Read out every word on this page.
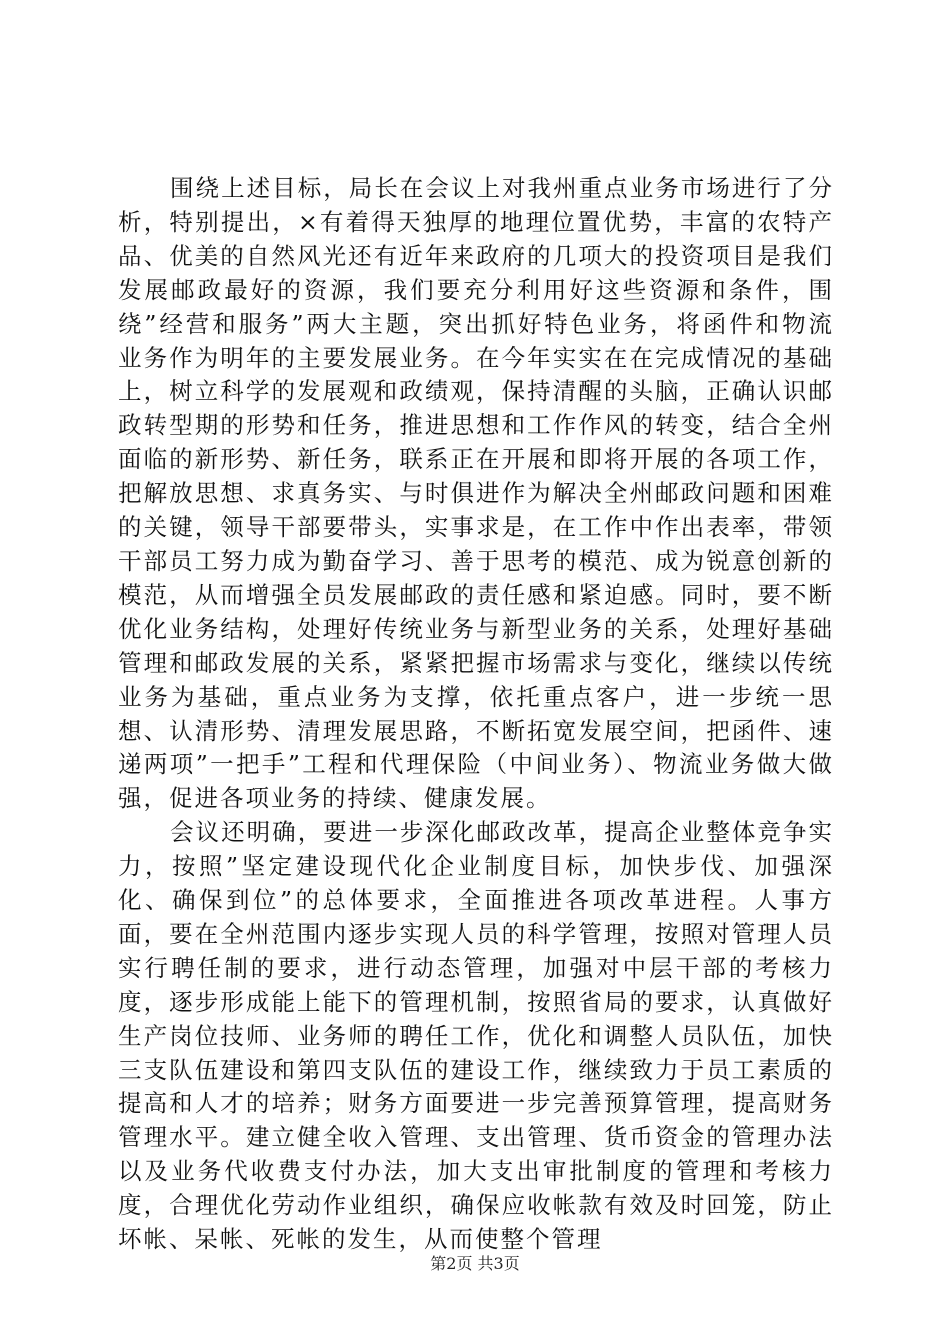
围绕上述目标，局长在会议上对我州重点业务市场进行了分析，特别提出，×有着得天独厚的地理位置优势，丰富的农特产品、优美的自然风光还有近年来政府的几项大的投资项目是我们发展邮政最好的资源，我们要充分利用好这些资源和条件，围绕”经营和服务”两大主题，突出抓好特色业务，将函件和物流业务作为明年的主要发展业务。在今年实实在在完成情况的基础上，树立科学的发展观和政绩观，保持清醒的头脑，正确认识邮政转型期的形势和任务，推进思想和工作作风的转变，结合全州面临的新形势、新任务，联系正在开展和即将开展的各项工作，把解放思想、求真务实、与时俱进作为解决全州邮政问题和困难的关键，领导干部要带头，实事求是，在工作中作出表率，带领干部员工努力成为勤奋学习、善于思考的模范、成为锐意创新的模范，从而增强全员发展邮政的责任感和紧迫感。同时，要不断优化业务结构，处理好传统业务与新型业务的关系，处理好基础管理和邮政发展的关系，紧紧把握市场需求与变化，继续以传统业务为基础，重点业务为支撑，依托重点客户，进一步统一思想、认清形势、清理发展思路，不断拓宽发展空间，把函件、速递两项”一把手”工程和代理保险（中间业务）、物流业务做大做强，促进各项业务的持续、健康发展。

会议还明确，要进一步深化邮政改革，提高企业整体竞争实力，按照”坚定建设现代化企业制度目标，加快步伐、加强深化、确保到位”的总体要求，全面推进各项改革进程。人事方面，要在全州范围内逐步实现人员的科学管理，按照对管理人员实行聘任制的要求，进行动态管理，加强对中层干部的考核力度，逐步形成能上能下的管理机制，按照省局的要求，认真做好生产岗位技师、业务师的聘任工作，优化和调整人员队伍，加快三支队伍建设和第四支队伍的建设工作，继续致力于员工素质的提高和人才的培养；财务方面要进一步完善预算管理，提高财务管理水平。建立健全收入管理、支出管理、货币资金的管理办法以及业务代收费支付办法，加大支出审批制度的管理和考核力度，合理优化劳动作业组织，确保应收帐款有效及时回笼，防止坏帐、呆帐、死帐的发生，从而使整个管理

第2页 共3页
